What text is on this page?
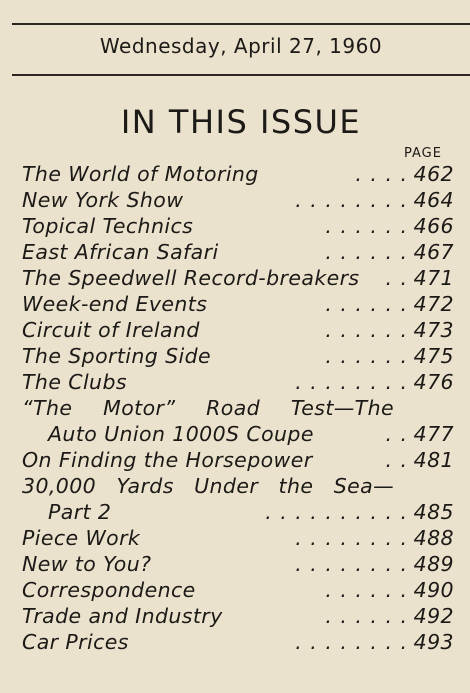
Wednesday, April 27, 1960
IN THIS ISSUE
PAGE
The World of Motoring	. . . . 462
New York Show	. . . . . . . . 464
Topical Technics	. . . . . . 466
East African Safari	. . . . . . 467
The Speedwell Record-breakers . . 471
Week-end Events	. . . . . . 472
Circuit of Ireland	. . . . . . 473
The Sporting Side	. . . . . . 475
The Clubs	. . . . . . . . 476
“The Motor” Road Test—The
Auto Union 1000S Coupe	. . 477
On Finding the Horsepower	. . 481
30,000 Yards Under the Sea—
Part 2	. . . . . . . . . . 485
Piece Work	. . . . . . . . 488
New to You?	. . . . . . . . 489
Correspondence	. . . . . . 490
Trade and Industry	. . . . . . 492
Car Prices	. . . . . . . . 493
